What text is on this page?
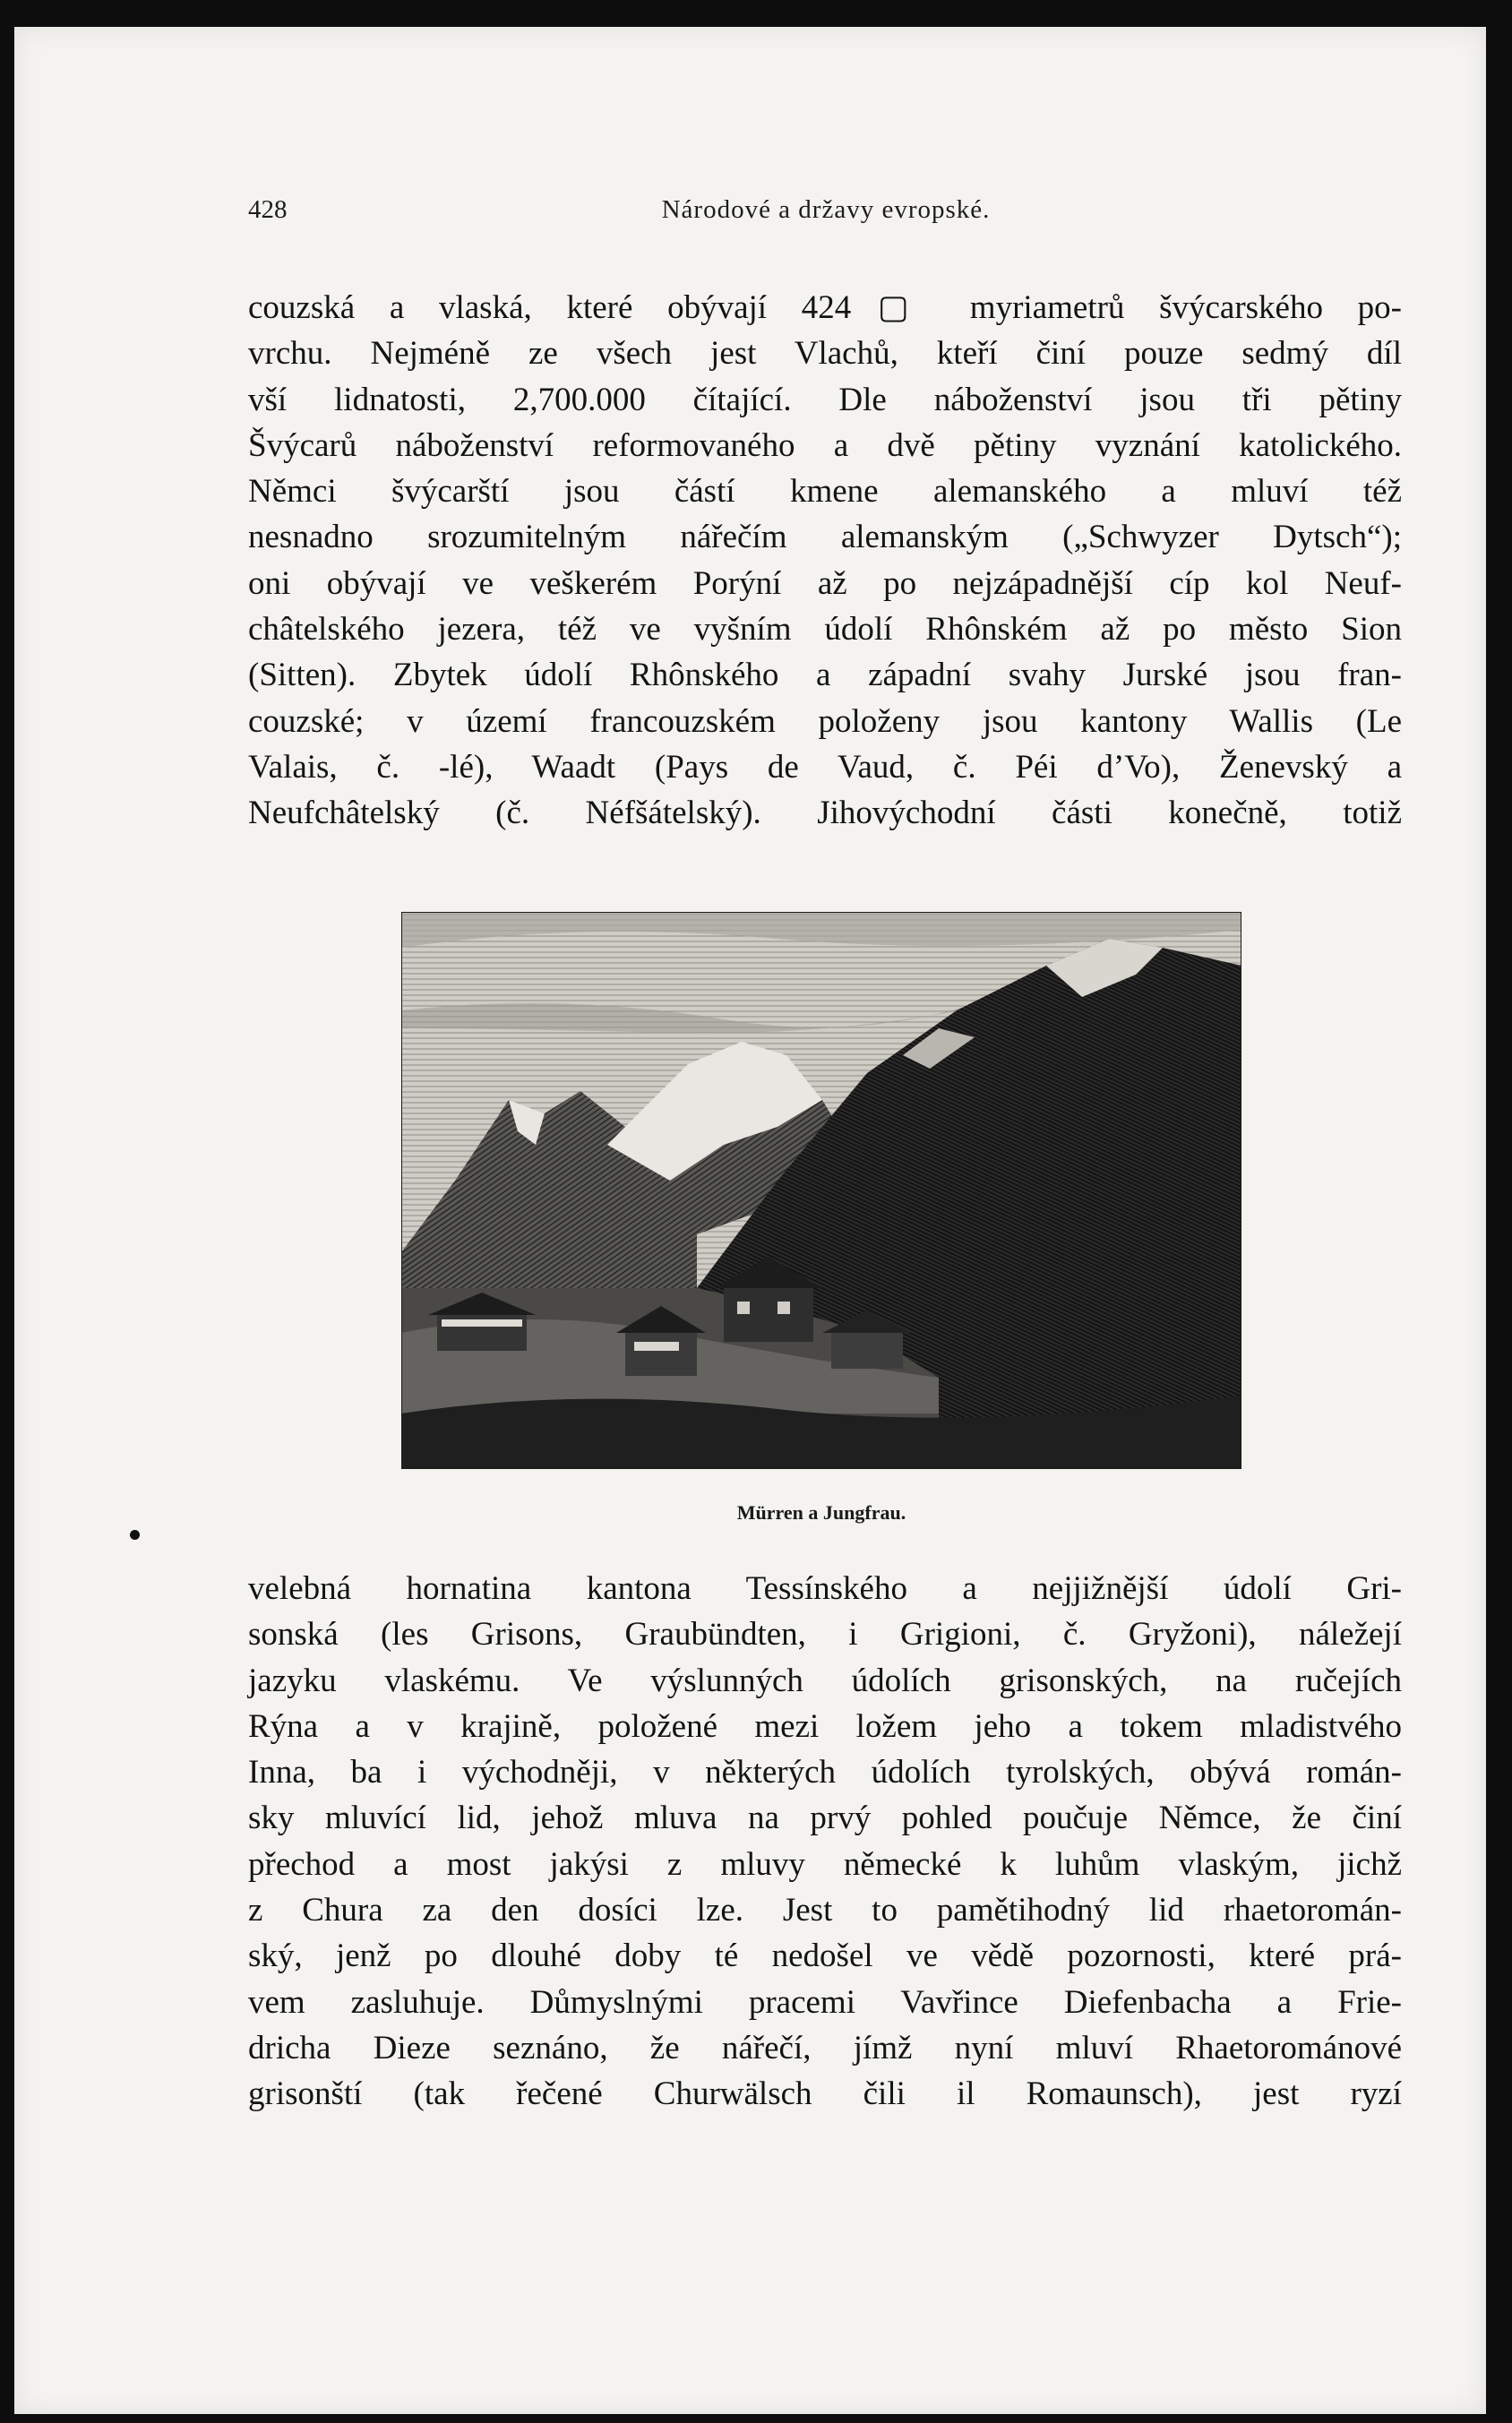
428	Národové a državy evropské.
couzská a vlaská, které obývají 424▢ myriametrů švýcarského po-
vrchu. Nejméně ze všech jest Vlachů, kteří činí pouze sedmý díl
vší lidnatosti, 2,700.000 čítající. Dle náboženství jsou tři pětiny
Švýcarů náboženství reformovaného a dvě pětiny vyznání katolického.
Němci švýcarští jsou částí kmene alemanského a mluví též
nesnadno srozumitelným nářečím alemanským („Schwyzer Dytsch“);
oni obývají ve veškerém Porýní až po nejzápadnější cíp kol Neuf-
châtelského jezera, též ve vyšním údolí Rhônském až po město Sion
(Sitten). Zbytek údolí Rhônského a západní svahy Jurské jsou fran-
couzské; v území francouzském položeny jsou kantony Wallis (Le
Valais, č. -lé), Waadt (Pays de Vaud, č. Péi d’Vo), Ženevský a
Neufchâtelský (č. Néfšátelský). Jihovýchodní části konečně, totiž
Mürren a Jungfrau.
velebná hornatina kantona Tessínského a nejjižnější údolí Gri-
sonská (les Grisons, Graubündten, i Grigioni, č. Gryžoni), náležejí
jazyku vlaskému. Ve výslunných údolích grisonských, na ručejích
Rýna a v krajině, položené mezi ložem jeho a tokem mladistvého
Inna, ba i východněji, v některých údolích tyrolských, obývá román-
sky mluvící lid, jehož mluva na prvý pohled poučuje Němce, že činí
přechod a most jakýsi z mluvy německé k luhům vlaským, jichž
z Chura za den dosíci lze. Jest to pamětihodný lid rhaetoromán-
ský, jenž po dlouhé doby té nedošel ve vědě pozornosti, které prá-
vem zasluhuje. Důmyslnými pracemi Vavřince Diefenbacha a Frie-
dricha Dieze seznáno, že nářečí, jímž nyní mluví Rhaetorománové
grisonští (tak řečené Churwälsch čili il Romaunsch), jest ryzí
